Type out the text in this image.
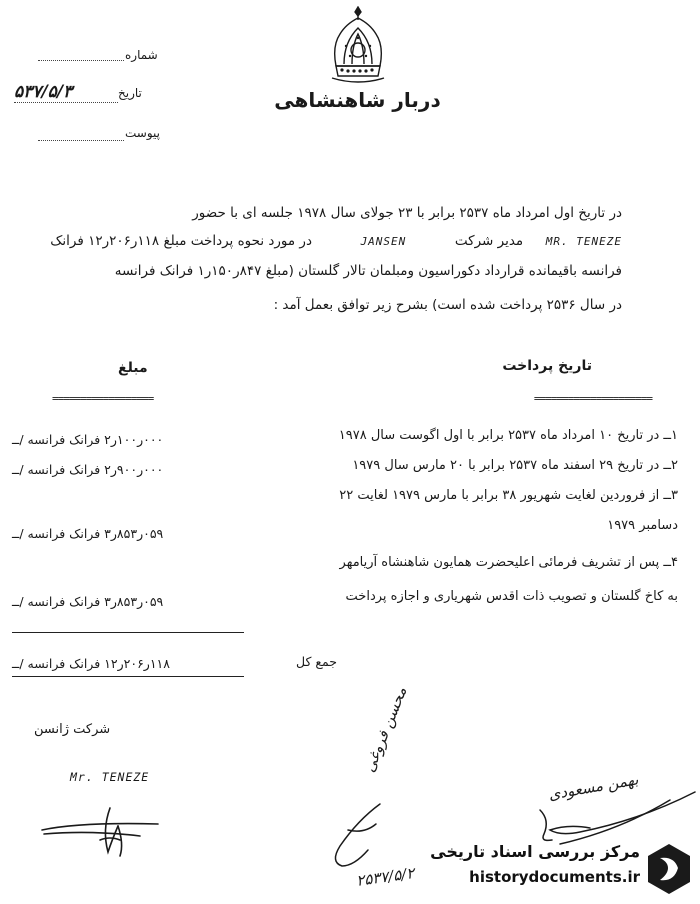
دربار شاهنشاهی
شماره
۵۳۷/۵/۳	تاریخ
پیوست
در تاریخ اول امرداد ماه ۲۵۳۷ برابر با ۲۳ جولای سال ۱۹۷۸ جلسه ای با حضور
MR. TENEZE  مدیر شرکت  JANSEN  در مورد نحوه پرداخت مبلغ ۱۱۸ر۲۰۶ر۱۲ فرانک
فرانسه باقیمانده قرارداد دکوراسیون ومبلمان تالار گلستان (مبلغ ۸۴۷ر۱۵۰ر۱ فرانک فرانسه
در سال ۲۵۳۶ پرداخت شده است) بشرح زیر توافق بعمل آمد :
تاریخ پرداخت
مبلغ
=====================
==================
۱ــ در تاریخ ۱۰ امرداد ماه ۲۵۳۷ برابر با اول اگوست سال ۱۹۷۸
۲ــ در تاریخ ۲۹ اسفند ماه ۲۵۳۷ برابر با ۲۰ مارس سال ۱۹۷۹
۳ــ از فروردین لغایت شهریور ۳۸ برابر با مارس ۱۹۷۹ لغایت ۲۲
دسامبر ۱۹۷۹
۴ــ پس از تشریف فرمائی اعلیحضرت همایون شاهنشاه آریامهر
به کاخ گلستان و تصویب ذات اقدس شهریاری و اجازه پرداخت
۰۰۰ر۱۰۰ر۲ فرانک فرانسه /ــ
۰۰۰ر۹۰۰ر۲ فرانک فرانسه /ــ
۰۵۹ر۸۵۳ر۳ فرانک فرانسه /ــ
۰۵۹ر۸۵۳ر۳ فرانک فرانسه /ــ
جمع کل
۱۱۸ر۲۰۶ر۱۲ فرانک فرانسه /ــ
شرکت ژانسن
Mr. TENEZE
محسن فروغی
بهمن مسعودی
۲۵۳۷/۵/۲
مرکز بررسی اسناد تاریخی
historydocuments.ir
